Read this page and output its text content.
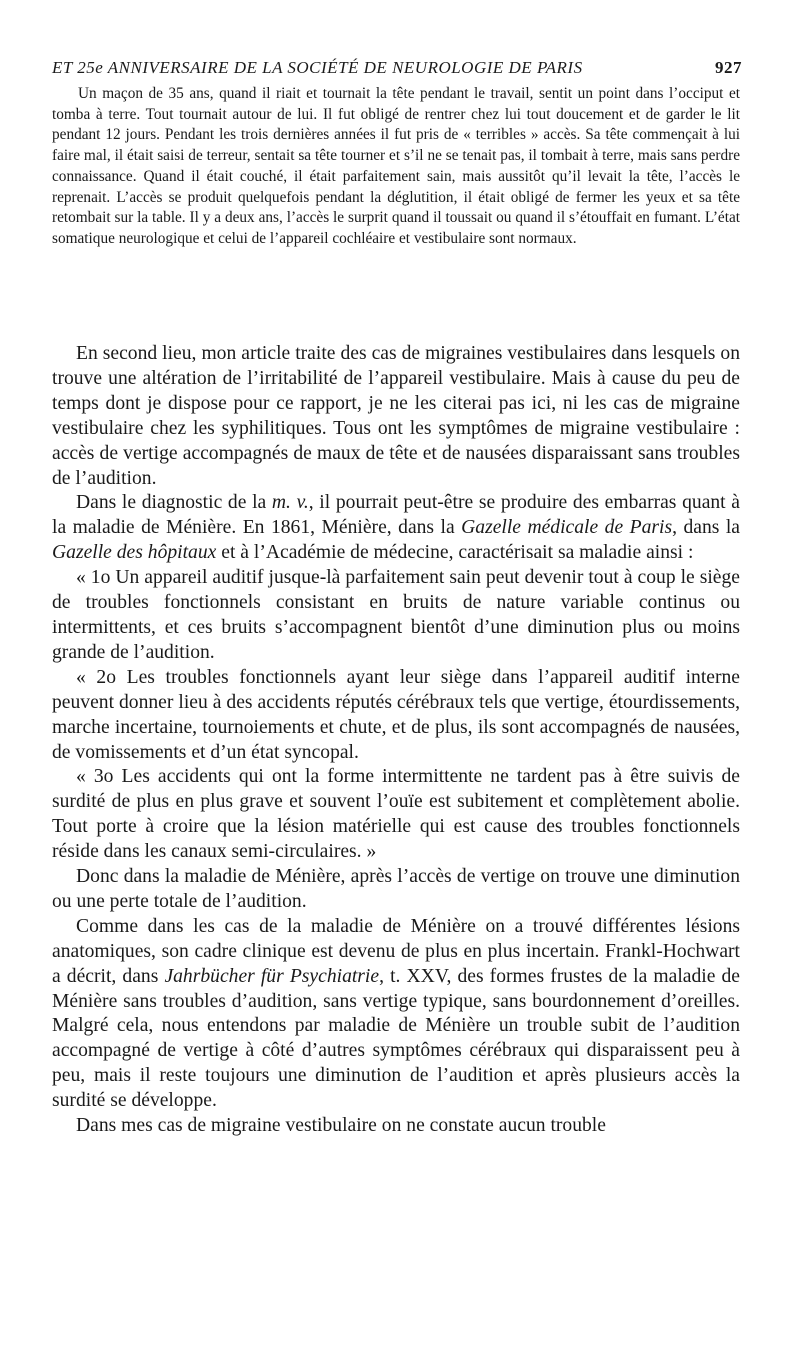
ET 25e ANNIVERSAIRE DE LA SOCIÉTÉ DE NEUROLOGIE DE PARIS	927

Un maçon de 35 ans, quand il riait et tournait la tête pendant le travail, sentit un point dans l’occiput et tomba à terre. Tout tournait autour de lui. Il fut obligé de rentrer chez lui tout doucement et de garder le lit pendant 12 jours. Pendant les trois dernières années il fut pris de « terribles » accès. Sa tête commençait à lui faire mal, il était saisi de terreur, sentait sa tête tourner et s’il ne se tenait pas, il tombait à terre, mais sans perdre connaissance. Quand il était couché, il était parfaitement sain, mais aussitôt qu’il levait la tête, l’accès le reprenait. L’accès se produit quelquefois pendant la déglutition, il était obligé de fermer les yeux et sa tête retombait sur la table. Il y a deux ans, l’accès le surprit quand il toussait ou quand il s’étouffait en fumant. L’état somatique neurologique et celui de l’appareil cochléaire et vestibulaire sont normaux.

En second lieu, mon article traite des cas de migraines vestibulaires dans lesquels on trouve une altération de l’irritabilité de l’appareil vestibulaire. Mais à cause du peu de temps dont je dispose pour ce rapport, je ne les citerai pas ici, ni les cas de migraine vestibulaire chez les syphilitiques. Tous ont les symptômes de migraine vestibulaire : accès de vertige accompagnés de maux de tête et de nausées disparaissant sans troubles de l’audition.

Dans le diagnostic de la m. v., il pourrait peut-être se produire des embarras quant à la maladie de Ménière. En 1861, Ménière, dans la Gazelle médicale de Paris, dans la Gazelle des hôpitaux et à l’Académie de médecine, caractérisait sa maladie ainsi :

« 1o Un appareil auditif jusque-là parfaitement sain peut devenir tout à coup le siège de troubles fonctionnels consistant en bruits de nature variable continus ou intermittents, et ces bruits s’accompagnent bientôt d’une diminution plus ou moins grande de l’audition.

« 2o Les troubles fonctionnels ayant leur siège dans l’appareil auditif interne peuvent donner lieu à des accidents réputés cérébraux tels que vertige, étourdissements, marche incertaine, tournoiements et chute, et de plus, ils sont accompagnés de nausées, de vomissements et d’un état syncopal.

« 3o Les accidents qui ont la forme intermittente ne tardent pas à être suivis de surdité de plus en plus grave et souvent l’ouïe est subitement et complètement abolie. Tout porte à croire que la lésion matérielle qui est cause des troubles fonctionnels réside dans les canaux semi-circulaires. »

Donc dans la maladie de Ménière, après l’accès de vertige on trouve une diminution ou une perte totale de l’audition.

Comme dans les cas de la maladie de Ménière on a trouvé différentes lésions anatomiques, son cadre clinique est devenu de plus en plus incertain. Frankl-Hochwart a décrit, dans Jahrbücher für Psychiatrie, t. XXV, des formes frustes de la maladie de Ménière sans troubles d’audition, sans vertige typique, sans bourdonnement d’oreilles. Malgré cela, nous entendons par maladie de Ménière un trouble subit de l’audition accompagné de vertige à côté d’autres symptômes cérébraux qui disparaissent peu à peu, mais il reste toujours une diminution de l’audition et après plusieurs accès la surdité se développe.

Dans mes cas de migraine vestibulaire on ne constate aucun trouble
